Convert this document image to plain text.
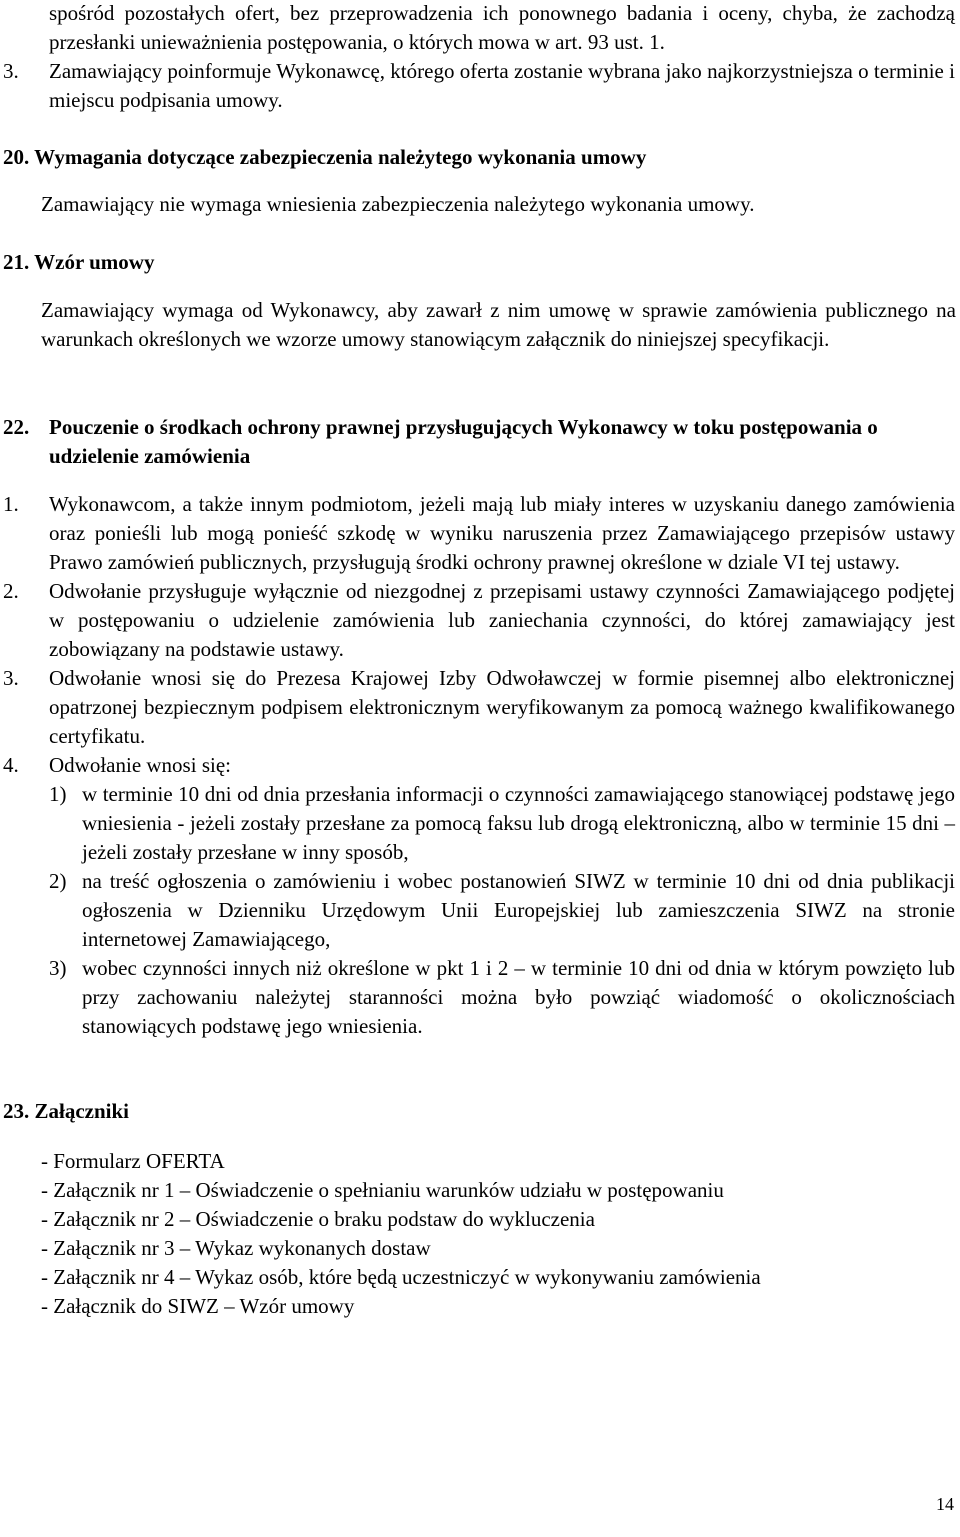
spośród pozostałych ofert, bez przeprowadzenia ich ponownego badania i oceny, chyba, że zachodzą przesłanki unieważnienia postępowania, o których mowa w art. 93 ust. 1.

3. Zamawiający poinformuje Wykonawcę, którego oferta zostanie wybrana jako najkorzystniejsza o terminie i miejscu podpisania umowy.

20. Wymagania dotyczące zabezpieczenia należytego wykonania umowy

Zamawiający nie wymaga wniesienia zabezpieczenia należytego wykonania umowy.

21. Wzór umowy

Zamawiający wymaga od Wykonawcy, aby zawarł z nim umowę w sprawie zamówienia publicznego na warunkach określonych we wzorze umowy stanowiącym załącznik do niniejszej specyfikacji.

22. Pouczenie o środkach ochrony prawnej przysługujących Wykonawcy w toku postępowania o udzielenie zamówienia
1. Wykonawcom, a także innym podmiotom, jeżeli mają lub miały interes w uzyskaniu danego zamówienia oraz ponieśli lub mogą ponieść szkodę w wyniku naruszenia przez Zamawiającego przepisów ustawy Prawo zamówień publicznych, przysługują środki ochrony prawnej określone w dziale VI tej ustawy.

2. Odwołanie przysługuje wyłącznie od niezgodnej z przepisami ustawy czynności Zamawiającego podjętej w postępowaniu o udzielenie zamówienia lub zaniechania czynności, do której zamawiający jest zobowiązany na podstawie ustawy.

3. Odwołanie wnosi się do Prezesa Krajowej Izby Odwoławczej w formie pisemnej albo elektronicznej opatrzonej bezpiecznym podpisem elektronicznym weryfikowanym za pomocą ważnego kwalifikowanego certyfikatu.

4. Odwołanie wnosi się:

1) w terminie 10 dni od dnia przesłania informacji o czynności zamawiającego stanowiącej podstawę jego wniesienia - jeżeli zostały przesłane za pomocą faksu lub drogą elektroniczną, albo w terminie 15 dni – jeżeli zostały przesłane w inny sposób,

2) na treść ogłoszenia o zamówieniu i wobec postanowień SIWZ w terminie 10 dni od dnia publikacji ogłoszenia w Dzienniku Urzędowym Unii Europejskiej lub zamieszczenia SIWZ na stronie internetowej Zamawiającego,

3) wobec czynności innych niż określone w pkt 1 i 2 – w terminie 10 dni od dnia w którym powzięto lub przy zachowaniu należytej staranności można było powziąć wiadomość o okolicznościach stanowiących podstawę jego wniesienia.

23. Załączniki

- Formularz OFERTA

- Załącznik nr 1 – Oświadczenie o spełnianiu warunków udziału w postępowaniu

- Załącznik nr 2 – Oświadczenie o braku podstaw do wykluczenia

- Załącznik nr 3 – Wykaz wykonanych dostaw

- Załącznik nr 4 – Wykaz osób, które będą uczestniczyć w wykonywaniu zamówienia

- Załącznik do SIWZ – Wzór umowy

14
